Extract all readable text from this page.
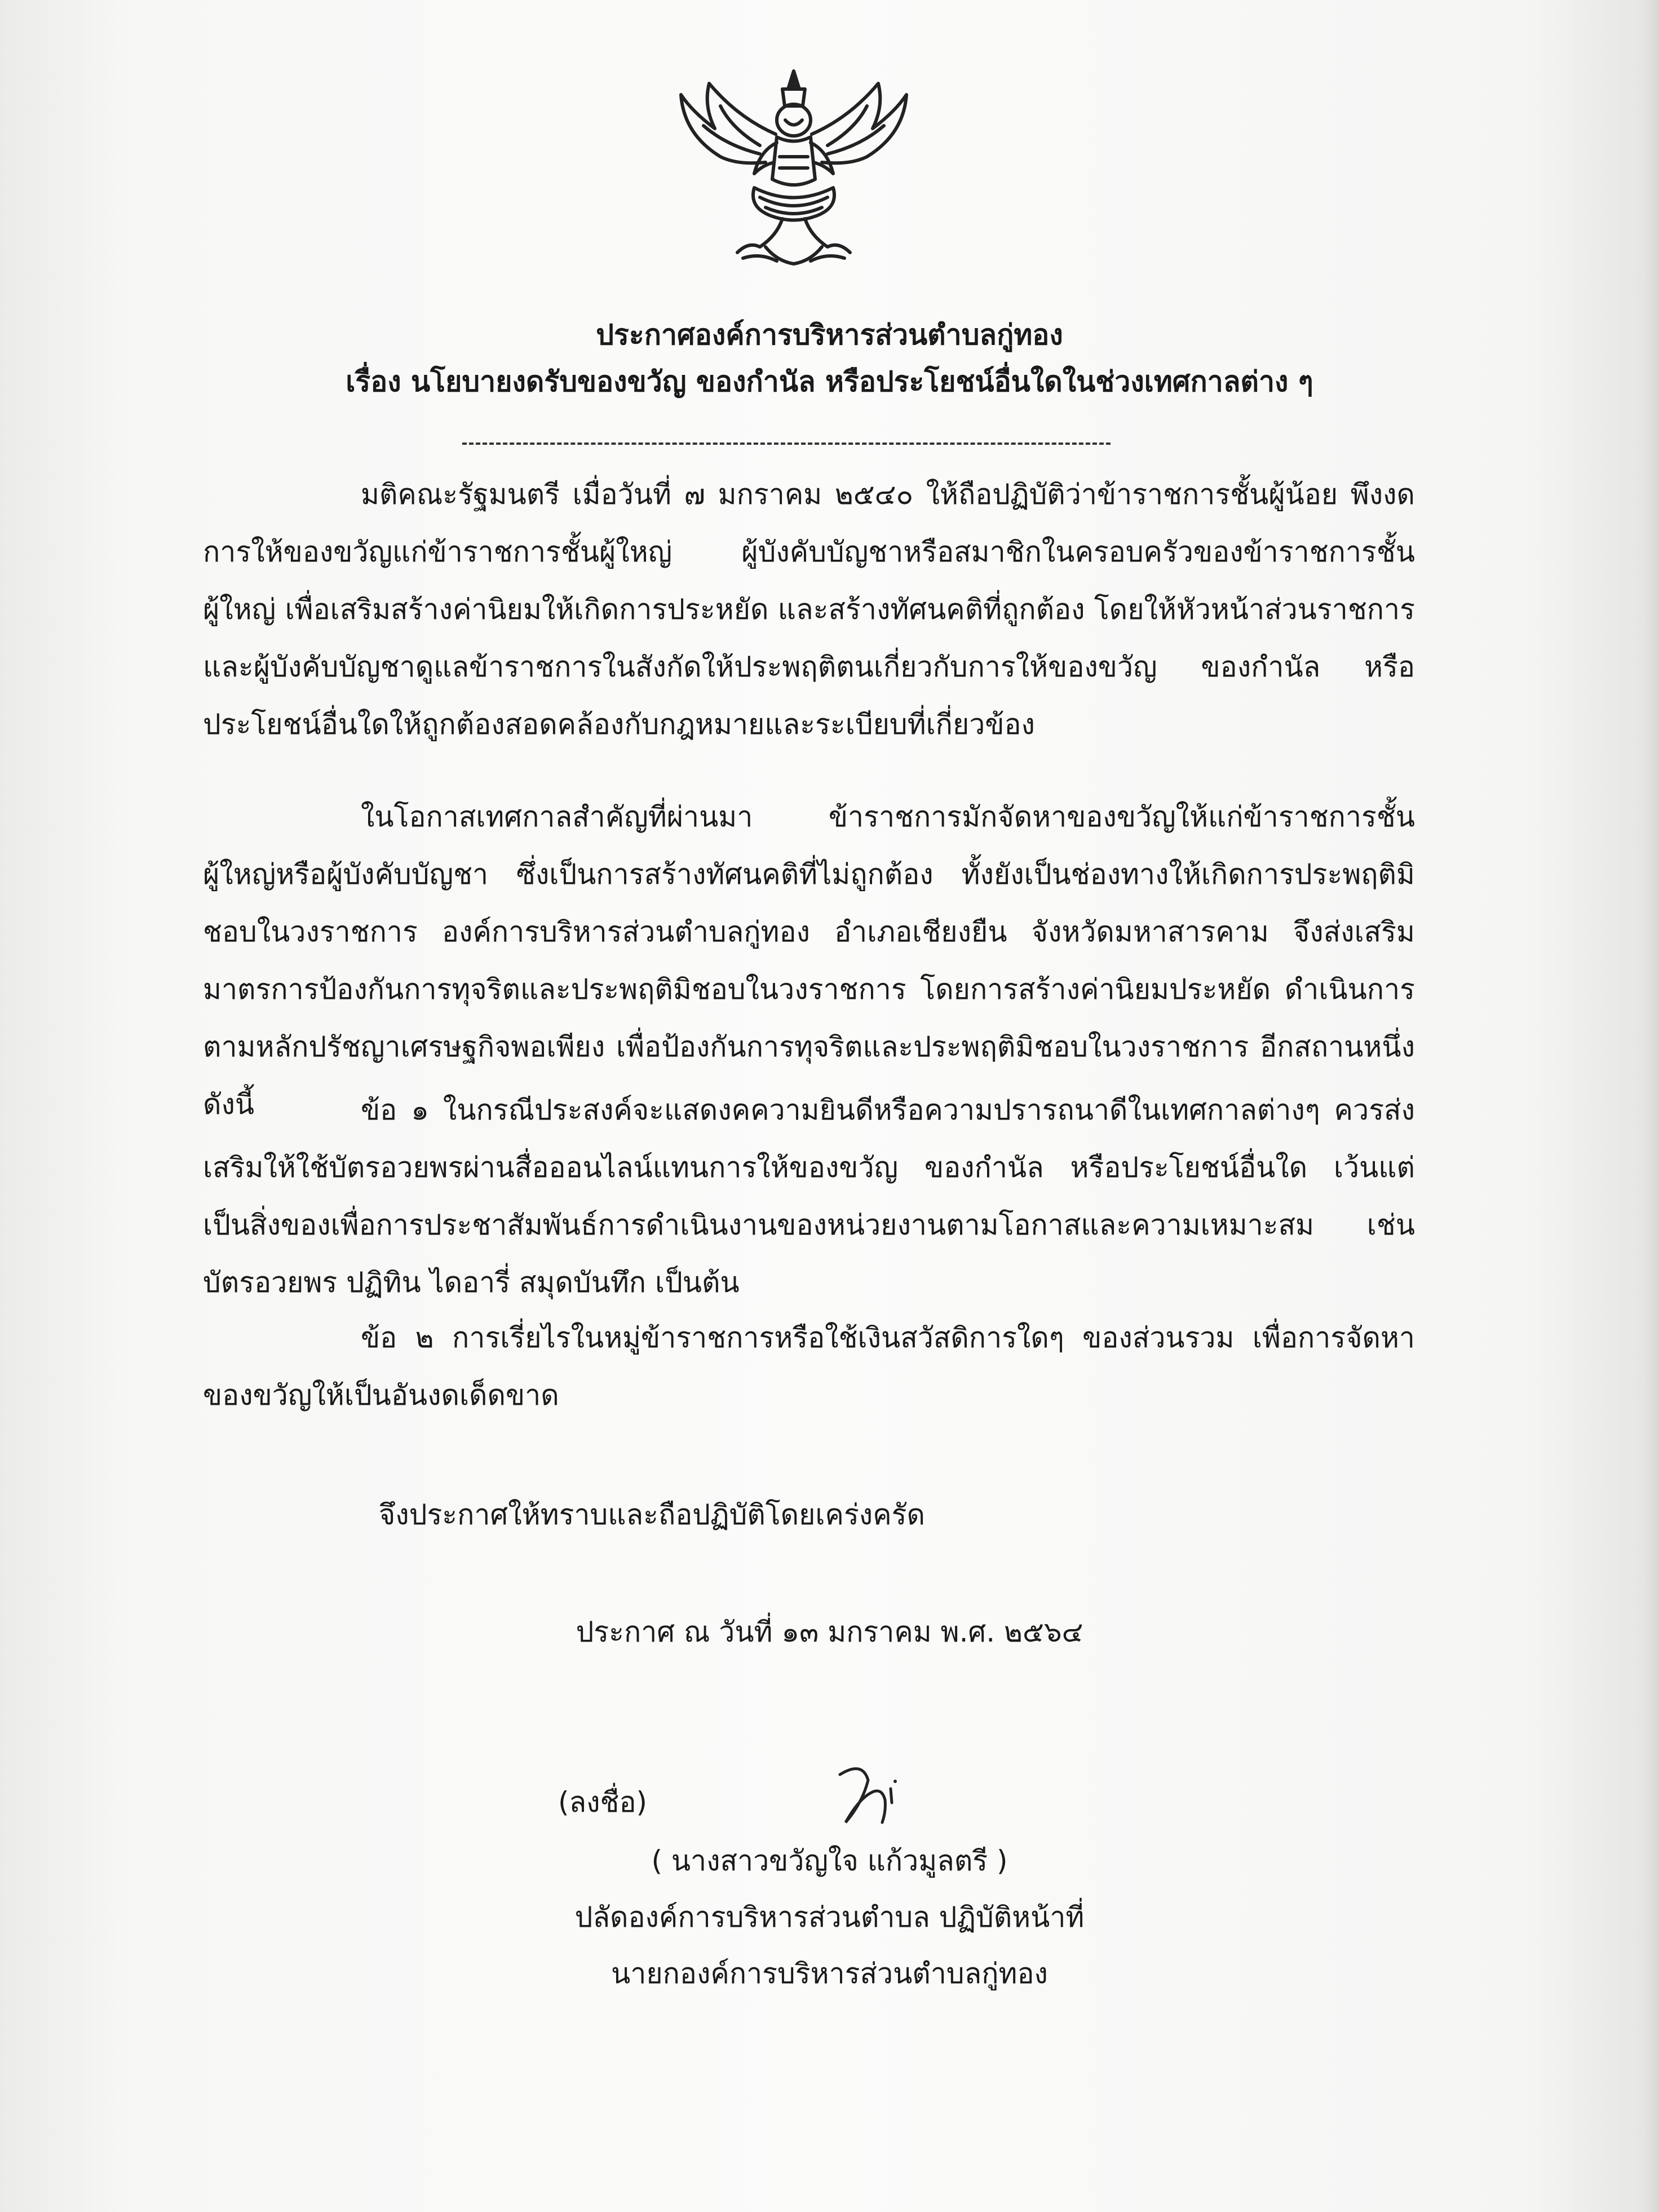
ประกาศองค์การบริหารส่วนตำบลกู่ทอง
เรื่อง นโยบายงดรับของขวัญ ของกำนัล หรือประโยชน์อื่นใดในช่วงเทศกาลต่าง ๆ
มติคณะรัฐมนตรี เมื่อวันที่ ๗ มกราคม ๒๕๔๐ ให้ถือปฏิบัติว่าข้าราชการชั้นผู้น้อย พึงงดการให้ของขวัญแก่ข้าราชการชั้นผู้ใหญ่ ผู้บังคับบัญชาหรือสมาชิกในครอบครัวของข้าราชการชั้นผู้ใหญ่ เพื่อเสริมสร้างค่านิยมให้เกิดการประหยัด และสร้างทัศนคติที่ถูกต้อง โดยให้หัวหน้าส่วนราชการและผู้บังคับบัญชาดูแลข้าราชการในสังกัดให้ประพฤติตนเกี่ยวกับการให้ของขวัญ ของกำนัล หรือประโยชน์อื่นใดให้ถูกต้องสอดคล้องกับกฎหมายและระเบียบที่เกี่ยวข้อง
ในโอกาสเทศกาลสำคัญที่ผ่านมา ข้าราชการมักจัดหาของขวัญให้แก่ข้าราชการชั้นผู้ใหญ่หรือผู้บังคับบัญชา ซึ่งเป็นการสร้างทัศนคติที่ไม่ถูกต้อง ทั้งยังเป็นช่องทางให้เกิดการประพฤติมิชอบในวงราชการ องค์การบริหารส่วนตำบลกู่ทอง อำเภอเชียงยืน จังหวัดมหาสารคาม จึงส่งเสริมมาตรการป้องกันการทุจริตและประพฤติมิชอบในวงราชการ โดยการสร้างค่านิยมประหยัด ดำเนินการตามหลักปรัชญาเศรษฐกิจพอเพียง เพื่อป้องกันการทุจริตและประพฤติมิชอบในวงราชการ อีกสถานหนึ่ง ดังนี้	ข้อ ๑ ในกรณีประสงค์จะแสดงคความยินดีหรือความปรารถนาดีในเทศกาลต่างๆ ควรส่งเสริมให้ใช้บัตรอวยพรผ่านสื่อออนไลน์แทนการให้ของขวัญ ของกำนัล หรือประโยชน์อื่นใด เว้นแต่ เป็นสิ่งของเพื่อการประชาสัมพันธ์การดำเนินงานของหน่วยงานตามโอกาสและความเหมาะสม เช่น บัตรอวยพร ปฏิทิน ไดอารี่ สมุดบันทึก เป็นต้น
ข้อ ๒ การเรี่ยไรในหมู่ข้าราชการหรือใช้เงินสวัสดิการใดๆ ของส่วนรวม เพื่อการจัดหาของขวัญให้เป็นอันงดเด็ดขาด
จึงประกาศให้ทราบและถือปฏิบัติโดยเคร่งครัด
ประกาศ ณ วันที่ ๑๓ มกราคม พ.ศ. ๒๕๖๔
(ลงชื่อ)
( นางสาวขวัญใจ แก้วมูลตรี )
ปลัดองค์การบริหารส่วนตำบล ปฏิบัติหน้าที่
นายกองค์การบริหารส่วนตำบลกู่ทอง
